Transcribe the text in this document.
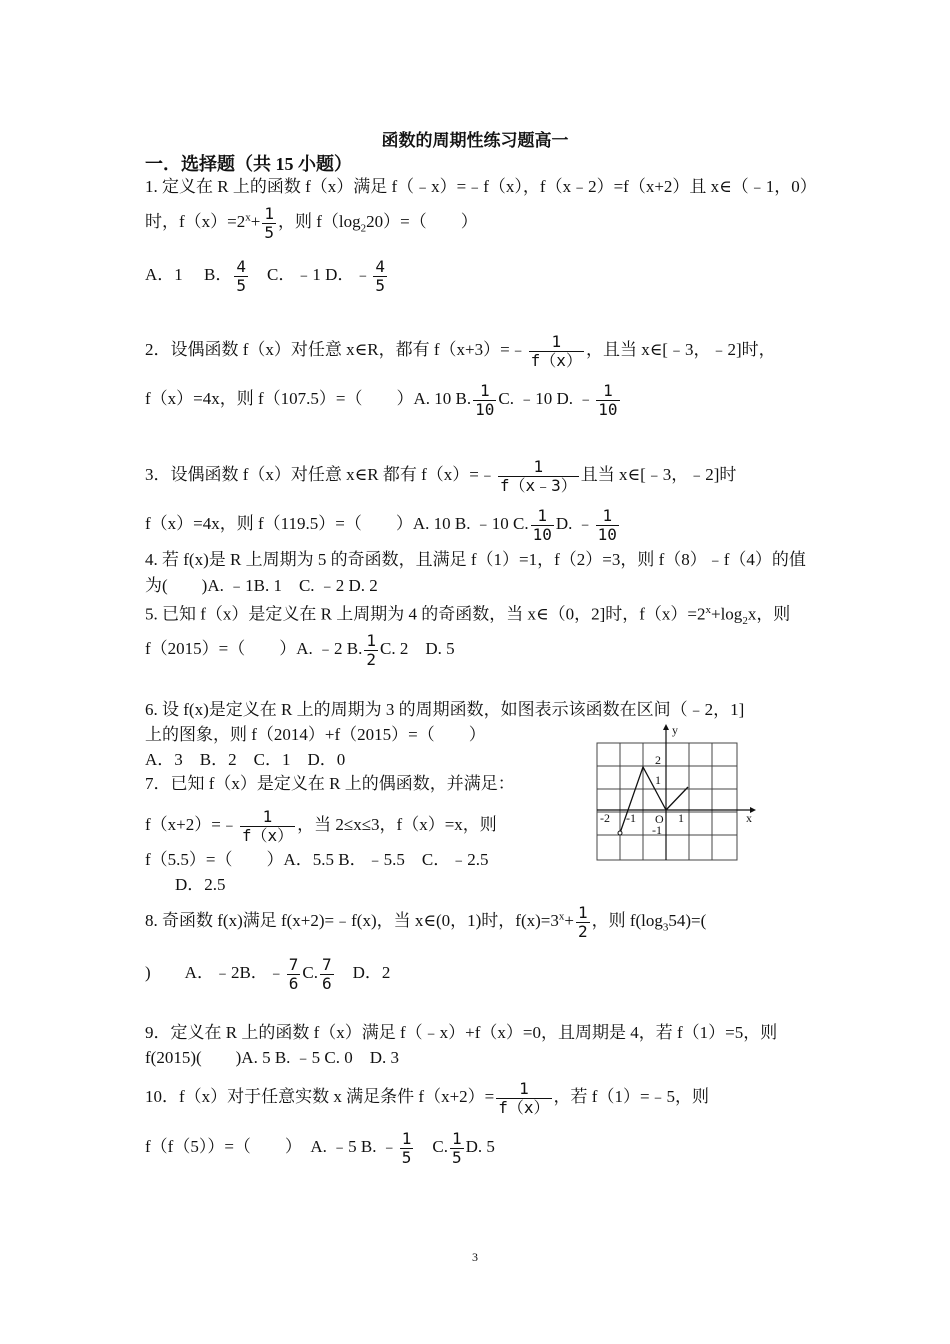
函数的周期性练习题高一
一．选择题（共 15 小题）
1. 定义在 R 上的函数 f（x）满足 f（﹣x）=﹣f（x），f（x﹣2）=f（x+2）且 x∈（﹣1，0）
时，$f(x)=2^x+ \frac{1}{5}$ ，则 $f(\log_220)=$（　　）
A．1　 B． $\frac{4}{5}$ 　C．﹣1 D．﹣ $\frac{4}{5}$
2．设偶函数 f（x）对任意 x∈R，都有 f（x+3）=﹣ $\frac{1}{f(x)}$ ，且当 x∈[﹣3，﹣2]时，
f（x）=4x，则 f（107.5）=（　　）A. 10 B. $\frac{1}{10} C$. ﹣10 D. ﹣ $\frac{1}{10}$
3．设偶函数 f（x）对任意 x∈R 都有 f（x）=﹣ $\frac{1}{f(x﹣3)}$ 且当 x∈[﹣3，﹣2]时
f（x）=4x，则 f（119.5）=（　　）A. 10 B. ﹣10 C. $\frac{1}{10} D$. ﹣ $\frac{1}{10}$
4. 若 f(x)是 R 上周期为 5 的奇函数，且满足 f（1）=1，f（2）=3，则 f（8）﹣f（4）的值
为(　　)A. ﹣1B. 1　C. ﹣2 D. 2
5. 已知 f（x）是定义在 R 上周期为 4 的奇函数，当 x∈（0，2]时，$f(x)=2^x+\log_2x$，则
f（2015）=（　　）A. ﹣2 B. $\frac{1}{2} C$. 2　D. 5
6. 设 f(x)是定义在 R 上的周期为 3 的周期函数，如图表示该函数在区间（﹣2，1]
上的图象，则 f（2014）+f（2015）=（　　）
A．3　B．2　C．1　D．0
7．已知 f（x）是定义在 R 上的偶函数，并满足：
f（x+2）=﹣ $\frac{1}{f(x)}$ ，当 2≤x≤3，f（x）=x，则
f（5.5）=（　　）A．5.5 B．﹣5.5　C．﹣2.5
D．2.5
8. 奇函数 f(x)满足 f(x+2)=﹣f(x)，当 x∈(0，1)时，$f(x)=3^x+ \frac{1}{2}$ ，则 $f(\log_354)=$(
)　　A．﹣2B．﹣ $\frac{7}{6} C$. $\frac{7}{6}$ 　D．2
9．定义在 R 上的函数 f（x）满足 f（﹣x）+f（x）=0，且周期是 4，若 f（1）=5，则
f(2015)(　　)A. 5 B. ﹣5 C. 0　D. 3
10．f（x）对于任意实数 x 满足条件 $f(x+2)= \frac{1}{f(x)}$ ，若 f（1）=﹣5，则
f（f（5））=（　　）　A. ﹣5 B. ﹣ $\frac{1}{5}$ 　C. $\frac{1}{5} D$. 5
y
x
O
-2 -1	1
2
1
-1
3
